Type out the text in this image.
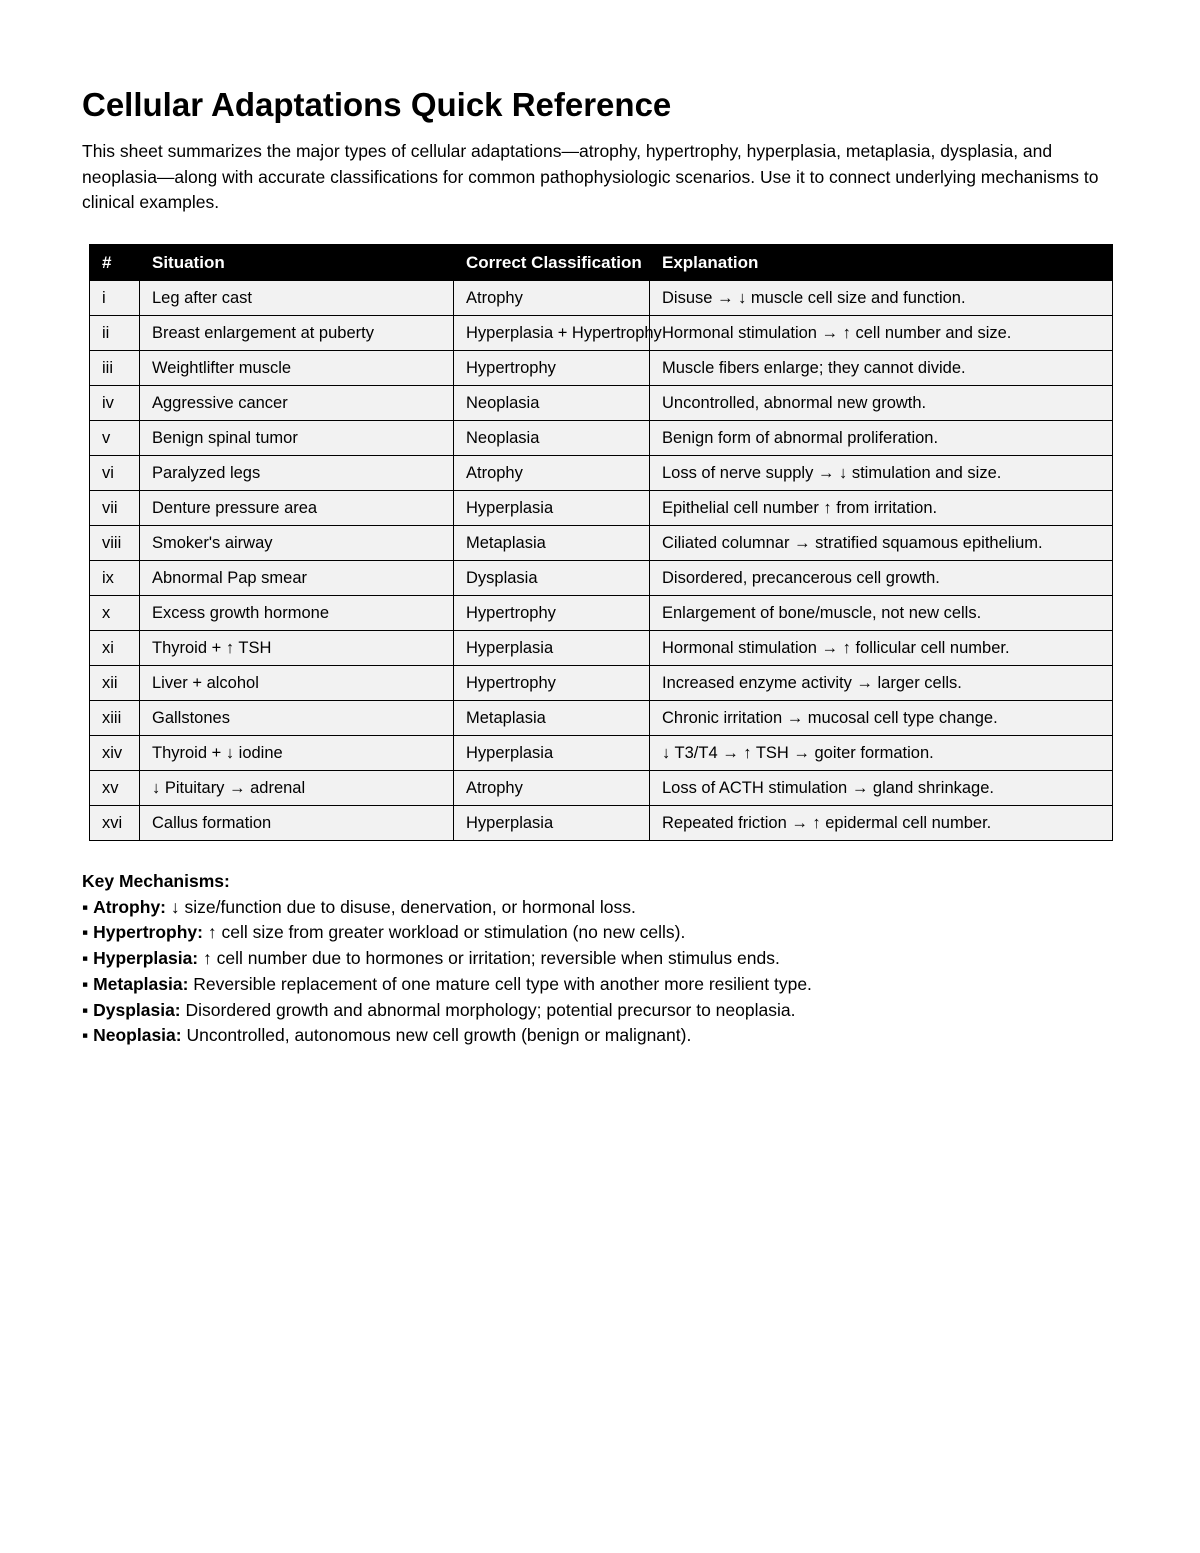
Cellular Adaptations Quick Reference

This sheet summarizes the major types of cellular adaptations—atrophy, hypertrophy, hyperplasia, metaplasia, dysplasia, and neoplasia—along with accurate classifications for common pathophysiologic scenarios. Use it to connect underlying mechanisms to clinical examples.

#	Situation	Correct Classification	Explanation
i	Leg after cast	Atrophy	Disuse → ↓ muscle cell size and function.
ii	Breast enlargement at puberty	Hyperplasia + Hypertrophy	Hormonal stimulation → ↑ cell number and size.
iii	Weightlifter muscle	Hypertrophy	Muscle fibers enlarge; they cannot divide.
iv	Aggressive cancer	Neoplasia	Uncontrolled, abnormal new growth.
v	Benign spinal tumor	Neoplasia	Benign form of abnormal proliferation.
vi	Paralyzed legs	Atrophy	Loss of nerve supply → ↓ stimulation and size.
vii	Denture pressure area	Hyperplasia	Epithelial cell number ↑ from irritation.
viii	Smoker's airway	Metaplasia	Ciliated columnar → stratified squamous epithelium.
ix	Abnormal Pap smear	Dysplasia	Disordered, precancerous cell growth.
x	Excess growth hormone	Hypertrophy	Enlargement of bone/muscle, not new cells.
xi	Thyroid + ↑ TSH	Hyperplasia	Hormonal stimulation → ↑ follicular cell number.
xii	Liver + alcohol	Hypertrophy	Increased enzyme activity → larger cells.
xiii	Gallstones	Metaplasia	Chronic irritation → mucosal cell type change.
xiv	Thyroid + ↓ iodine	Hyperplasia	↓ T3/T4 → ↑ TSH → goiter formation.
xv	↓ Pituitary → adrenal	Atrophy	Loss of ACTH stimulation → gland shrinkage.
xvi	Callus formation	Hyperplasia	Repeated friction → ↑ epidermal cell number.
Key Mechanisms:
▪ Atrophy: ↓ size/function due to disuse, denervation, or hormonal loss.
▪ Hypertrophy: ↑ cell size from greater workload or stimulation (no new cells).
▪ Hyperplasia: ↑ cell number due to hormones or irritation; reversible when stimulus ends.
▪ Metaplasia: Reversible replacement of one mature cell type with another more resilient type.
▪ Dysplasia: Disordered growth and abnormal morphology; potential precursor to neoplasia.
▪ Neoplasia: Uncontrolled, autonomous new cell growth (benign or malignant).
